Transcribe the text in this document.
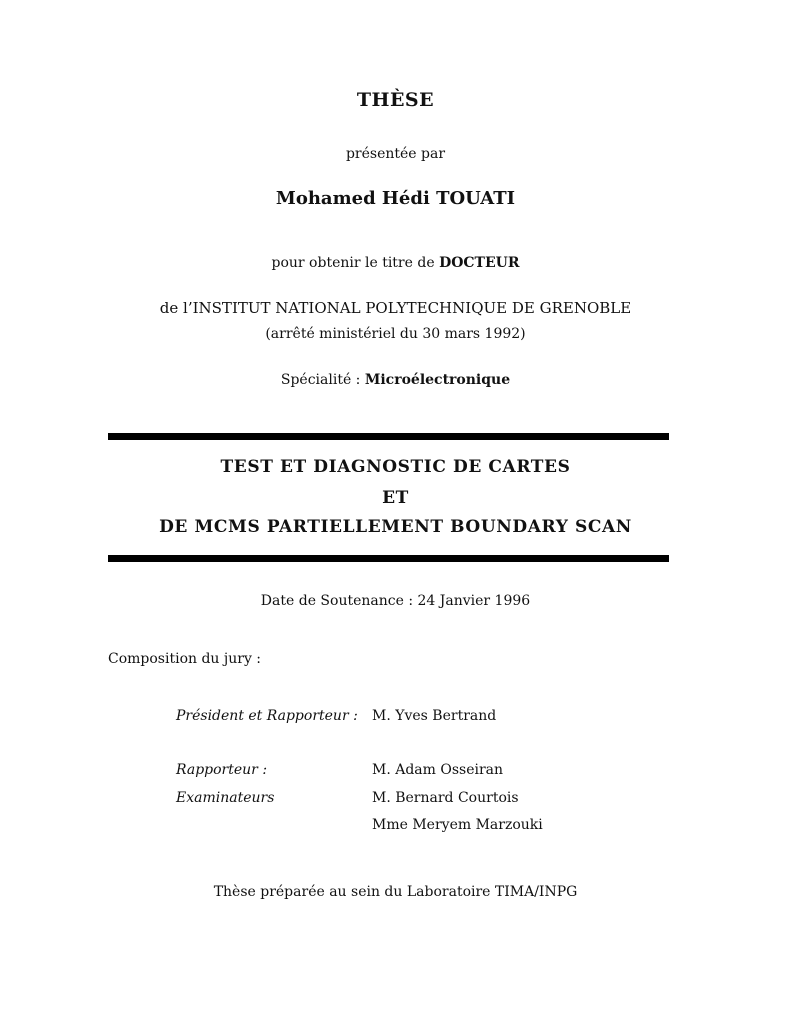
THÈSE
présentée par
Mohamed Hédi TOUATI
pour obtenir le titre de DOCTEUR
de l’INSTITUT NATIONAL POLYTECHNIQUE DE GRENOBLE
(arrêté ministériel du 30 mars 1992)
Spécialité : Microélectronique
TEST ET DIAGNOSTIC DE CARTES
ET
DE MCMS PARTIELLEMENT BOUNDARY SCAN
Date de Soutenance : 24 Janvier 1996
Composition du jury :
Président et Rapporteur : M. Yves Bertrand
Rapporteur :	M. Adam Osseiran
Examinateurs	M. Bernard Courtois
Mme Meryem Marzouki
Thèse préparée au sein du Laboratoire TIMA/INPG
